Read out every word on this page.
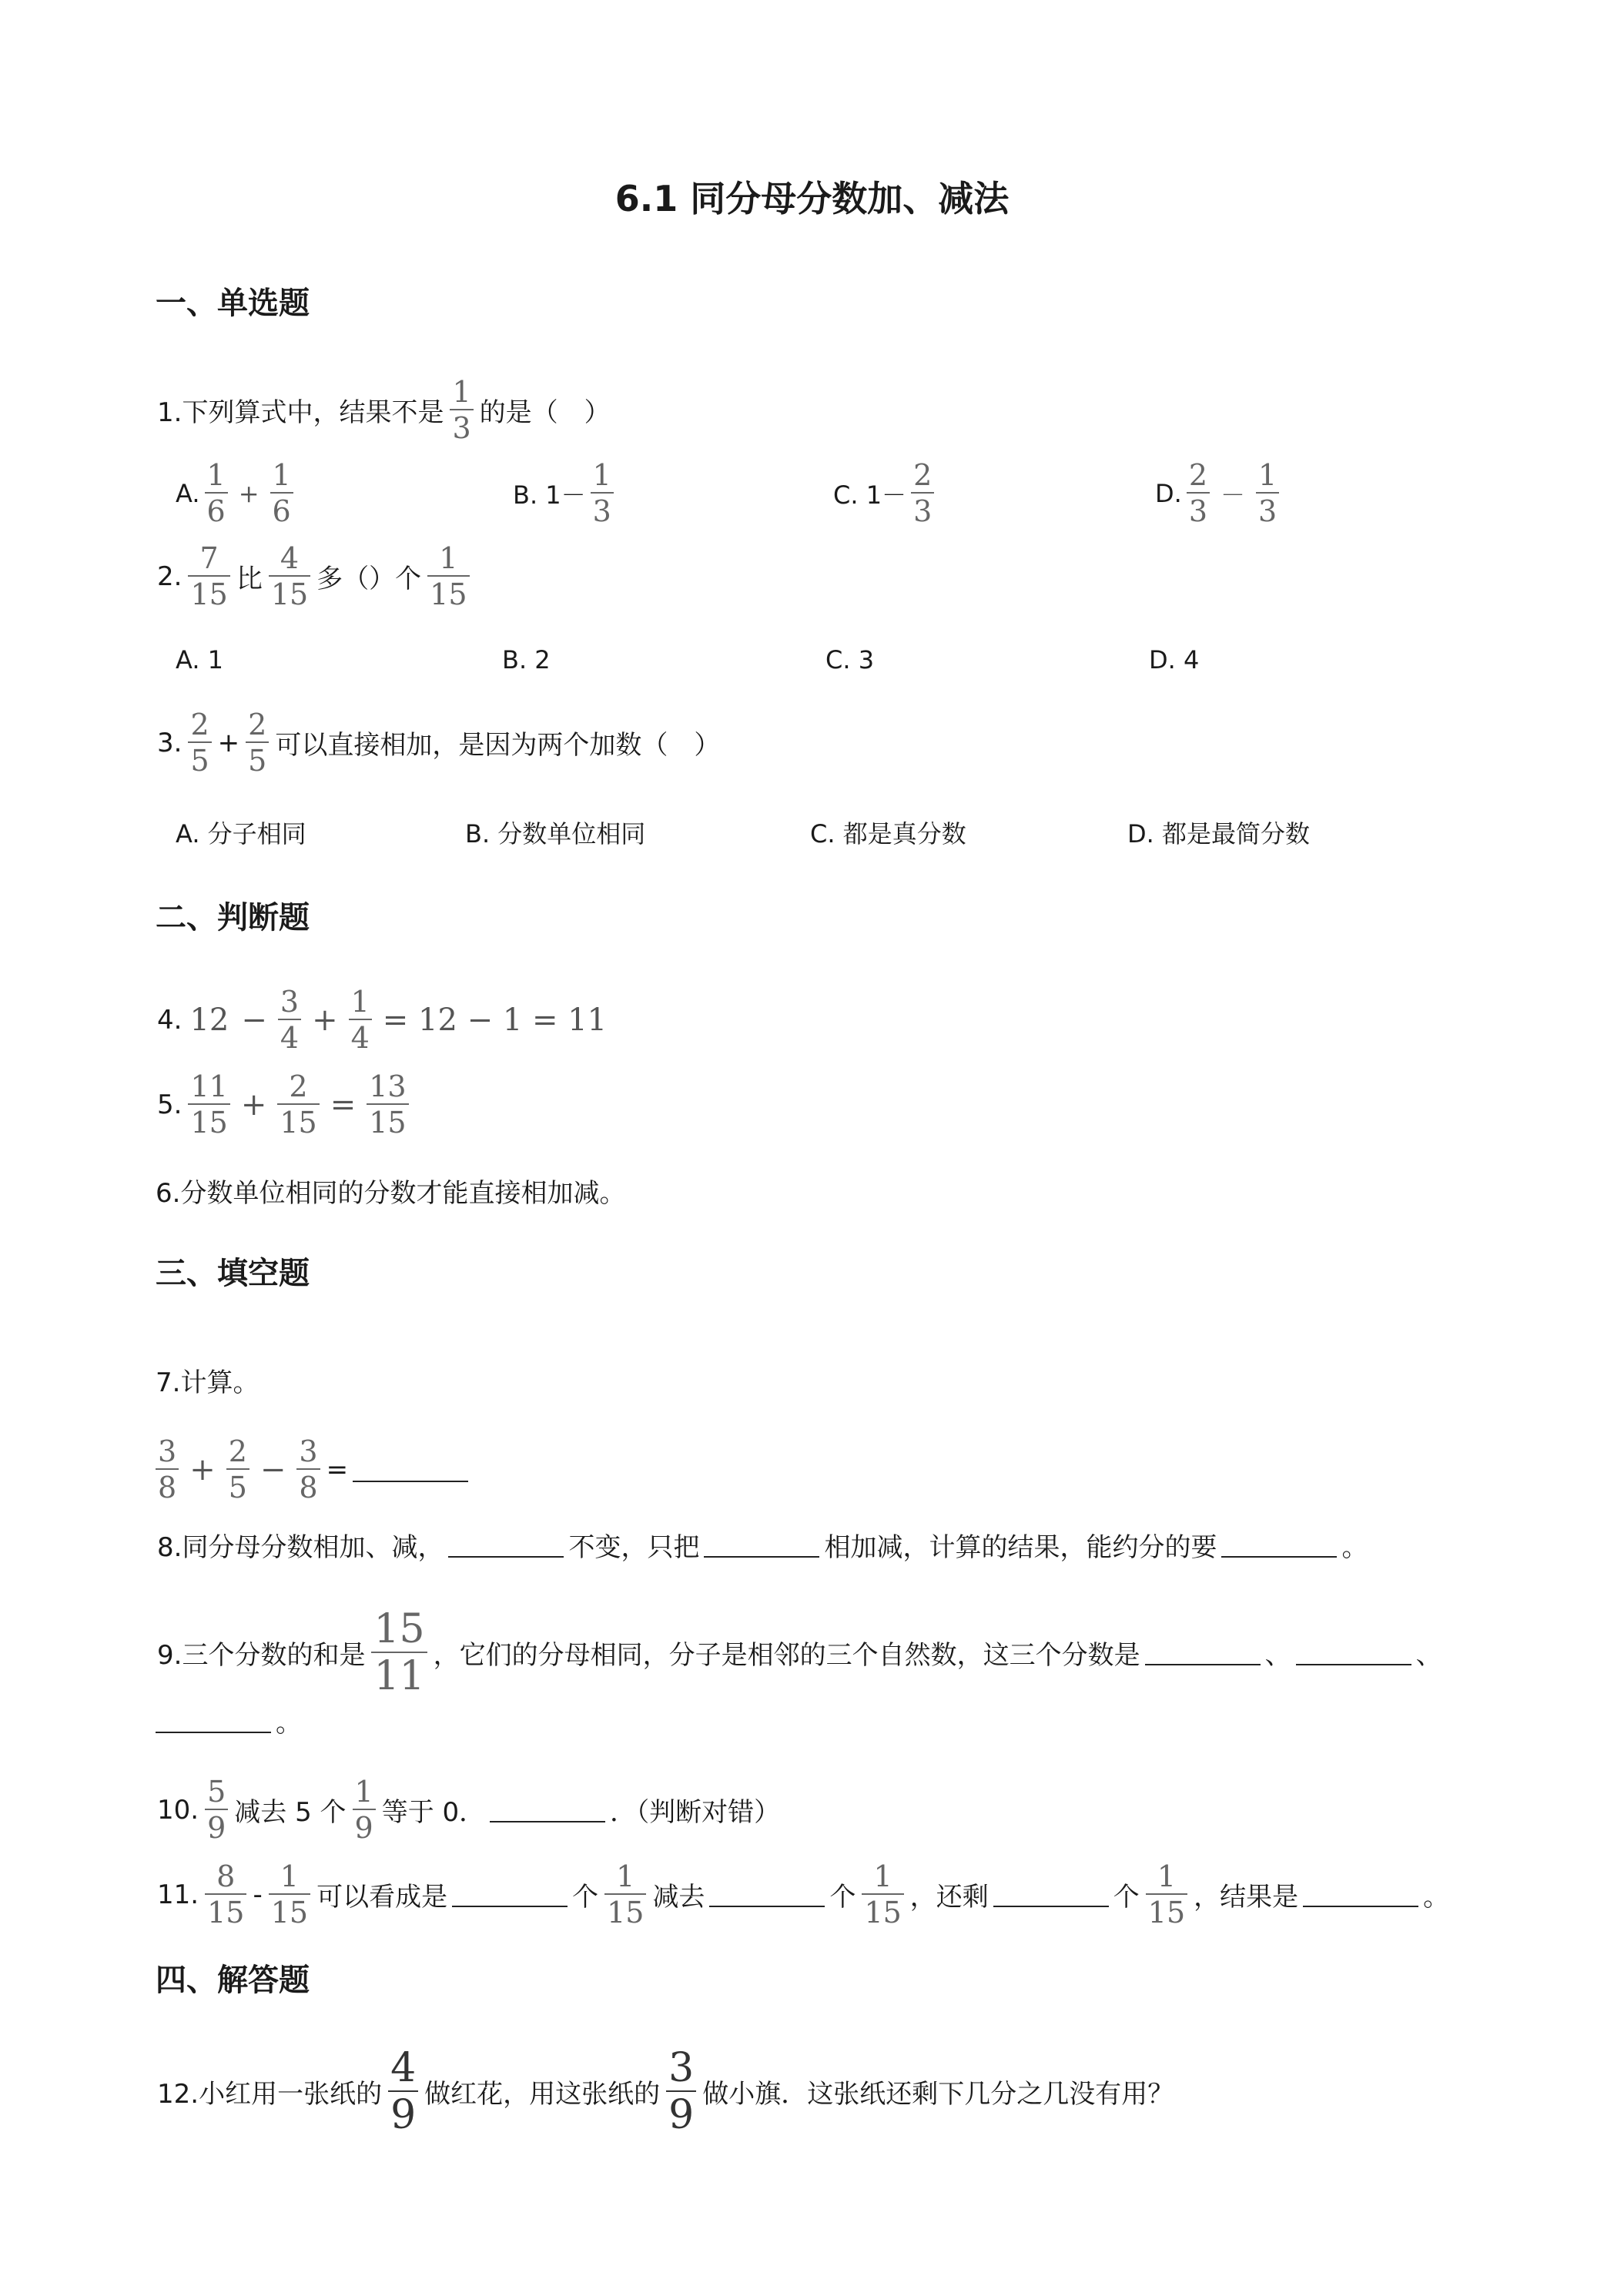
6.1 同分母分数加、减法
一、单选题
1.下列算式中，结果不是 $\frac{1}{3}$ 的是（　）
A. $\frac{1}{6} + \frac{1}{6}$	B. $1- \frac{1}{3}$	C. $1- \frac{2}{3}$	D. $\frac{2}{3} - \frac{1}{3}$
2. $\frac{7}{15}$ 比 $\frac{4}{15}$ 多（）个 $\frac{1}{15}$
A. 1	B. 2	C. 3	D. 4
3. $\frac{2}{5} + \frac{2}{5}$ 可以直接相加，是因为两个加数（　）
A. 分子相同	B. 分数单位相同	C. 都是真分数	D. 都是最简分数
二、判断题
4. $12 - \frac{3}{4} + \frac{1}{4} = 12 - 1 = 11$
5. $\frac{11}{15} + \frac{2}{15} = \frac{13}{15}$
6.分数单位相同的分数才能直接相加减。
三、填空题
7.计算。
$\frac{3}{8} + \frac{2}{5} - \frac{3}{8}$ =
8.同分母分数相加、减，	不变，只把	相加减，计算的结果，能约分的要	。
9.三个分数的和是 $\frac{15}{11}$ ，它们的分母相同，分子是相邻的三个自然数，这三个分数是	、	、
。
10. $\frac{5}{9}$ 减去 5 个 $\frac{1}{9}$ 等于 0．	．（判断对错）
11. $\frac{8}{15} - \frac{1}{15}$ 可以看成是	个 $\frac{1}{15}$ 减去	个 $\frac{1}{15}$ ，还剩	个 $\frac{1}{15}$ ，结果是	。
四、解答题
12.小红用一张纸的 $\frac{4}{9}$ 做红花，用这张纸的 $\frac{3}{9}$ 做小旗．这张纸还剩下几分之几没有用？
